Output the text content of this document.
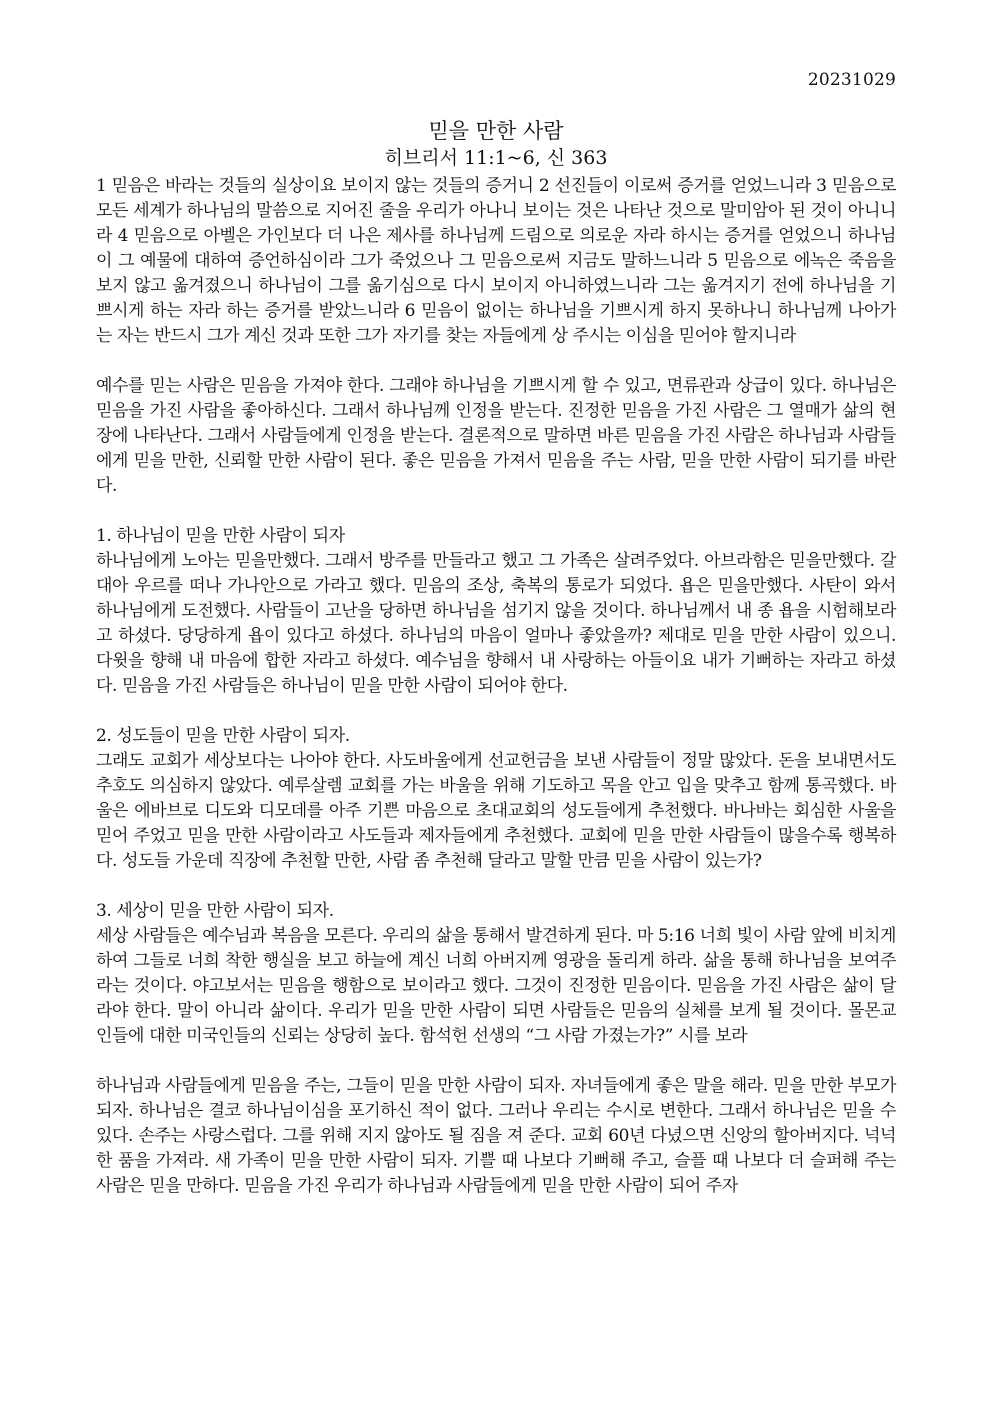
20231029
믿을 만한 사람
히브리서 11:1~6, 신 363

1 믿음은 바라는 것들의 실상이요 보이지 않는 것들의 증거니 2 선진들이 이로써 증거를 얻었느니라 3 믿음으로 모든 세계가 하나님의 말씀으로 지어진 줄을 우리가 아나니 보이는 것은 나타난 것으로 말미암아 된 것이 아니니라 4 믿음으로 아벨은 가인보다 더 나은 제사를 하나님께 드림으로 의로운 자라 하시는 증거를 얻었으니 하나님이 그 예물에 대하여 증언하심이라 그가 죽었으나 그 믿음으로써 지금도 말하느니라 5 믿음으로 에녹은 죽음을 보지 않고 옮겨졌으니 하나님이 그를 옮기심으로 다시 보이지 아니하였느니라 그는 옮겨지기 전에 하나님을 기쁘시게 하는 자라 하는 증거를 받았느니라 6 믿음이 없이는 하나님을 기쁘시게 하지 못하나니 하나님께 나아가는 자는 반드시 그가 계신 것과 또한 그가 자기를 찾는 자들에게 상 주시는 이심을 믿어야 할지니라

예수를 믿는 사람은 믿음을 가져야 한다. 그래야 하나님을 기쁘시게 할 수 있고, 면류관과 상급이 있다. 하나님은 믿음을 가진 사람을 좋아하신다. 그래서 하나님께 인정을 받는다. 진정한 믿음을 가진 사람은 그 열매가 삶의 현장에 나타난다. 그래서 사람들에게 인정을 받는다. 결론적으로 말하면 바른 믿음을 가진 사람은 하나님과 사람들에게 믿을 만한, 신뢰할 만한 사람이 된다. 좋은 믿음을 가져서 믿음을 주는 사람, 믿을 만한 사람이 되기를 바란다.

1. 하나님이 믿을 만한 사람이 되자

하나님에게 노아는 믿을만했다. 그래서 방주를 만들라고 했고 그 가족은 살려주었다. 아브라함은 믿을만했다. 갈대아 우르를 떠나 가나안으로 가라고 했다. 믿음의 조상, 축복의 통로가 되었다. 욥은 믿을만했다. 사탄이 와서 하나님에게 도전했다. 사람들이 고난을 당하면 하나님을 섬기지 않을 것이다. 하나님께서 내 종 욥을 시험해보라고 하셨다. 당당하게 욥이 있다고 하셨다. 하나님의 마음이 얼마나 좋았을까? 제대로 믿을 만한 사람이 있으니. 다윗을 향해 내 마음에 합한 자라고 하셨다. 예수님을 향해서 내 사랑하는 아들이요 내가 기뻐하는 자라고 하셨다. 믿음을 가진 사람들은 하나님이 믿을 만한 사람이 되어야 한다.

2. 성도들이 믿을 만한 사람이 되자.

그래도 교회가 세상보다는 나아야 한다. 사도바울에게 선교헌금을 보낸 사람들이 정말 많았다. 돈을 보내면서도 추호도 의심하지 않았다. 예루살렘 교회를 가는 바울을 위해 기도하고 목을 안고 입을 맞추고 함께 통곡했다. 바울은 에바브로 디도와 디모데를 아주 기쁜 마음으로 초대교회의 성도들에게 추천했다. 바나바는 회심한 사울을 믿어 주었고 믿을 만한 사람이라고 사도들과 제자들에게 추천했다. 교회에 믿을 만한 사람들이 많을수록 행복하다. 성도들 가운데 직장에 추천할 만한, 사람 좀 추천해 달라고 말할 만큼 믿을 사람이 있는가?

3. 세상이 믿을 만한 사람이 되자.

세상 사람들은 예수님과 복음을 모른다. 우리의 삶을 통해서 발견하게 된다. 마 5:16 너희 빛이 사람 앞에 비치게 하여 그들로 너희 착한 행실을 보고 하늘에 계신 너희 아버지께 영광을 돌리게 하라. 삶을 통해 하나님을 보여주라는 것이다. 야고보서는 믿음을 행함으로 보이라고 했다. 그것이 진정한 믿음이다. 믿음을 가진 사람은 삶이 달라야 한다. 말이 아니라 삶이다. 우리가 믿을 만한 사람이 되면 사람들은 믿음의 실체를 보게 될 것이다. 몰몬교인들에 대한 미국인들의 신뢰는 상당히 높다. 함석헌 선생의 “그 사람 가졌는가?” 시를 보라

하나님과 사람들에게 믿음을 주는, 그들이 믿을 만한 사람이 되자. 자녀들에게 좋은 말을 해라. 믿을 만한 부모가 되자. 하나님은 결코 하나님이심을 포기하신 적이 없다. 그러나 우리는 수시로 변한다. 그래서 하나님은 믿을 수 있다. 손주는 사랑스럽다. 그를 위해 지지 않아도 될 짐을 져 준다. 교회 60년 다녔으면 신앙의 할아버지다. 넉넉한 품을 가져라. 새 가족이 믿을 만한 사람이 되자. 기쁠 때 나보다 기뻐해 주고, 슬플 때 나보다 더 슬퍼해 주는 사람은 믿을 만하다. 믿음을 가진 우리가 하나님과 사람들에게 믿을 만한 사람이 되어 주자
